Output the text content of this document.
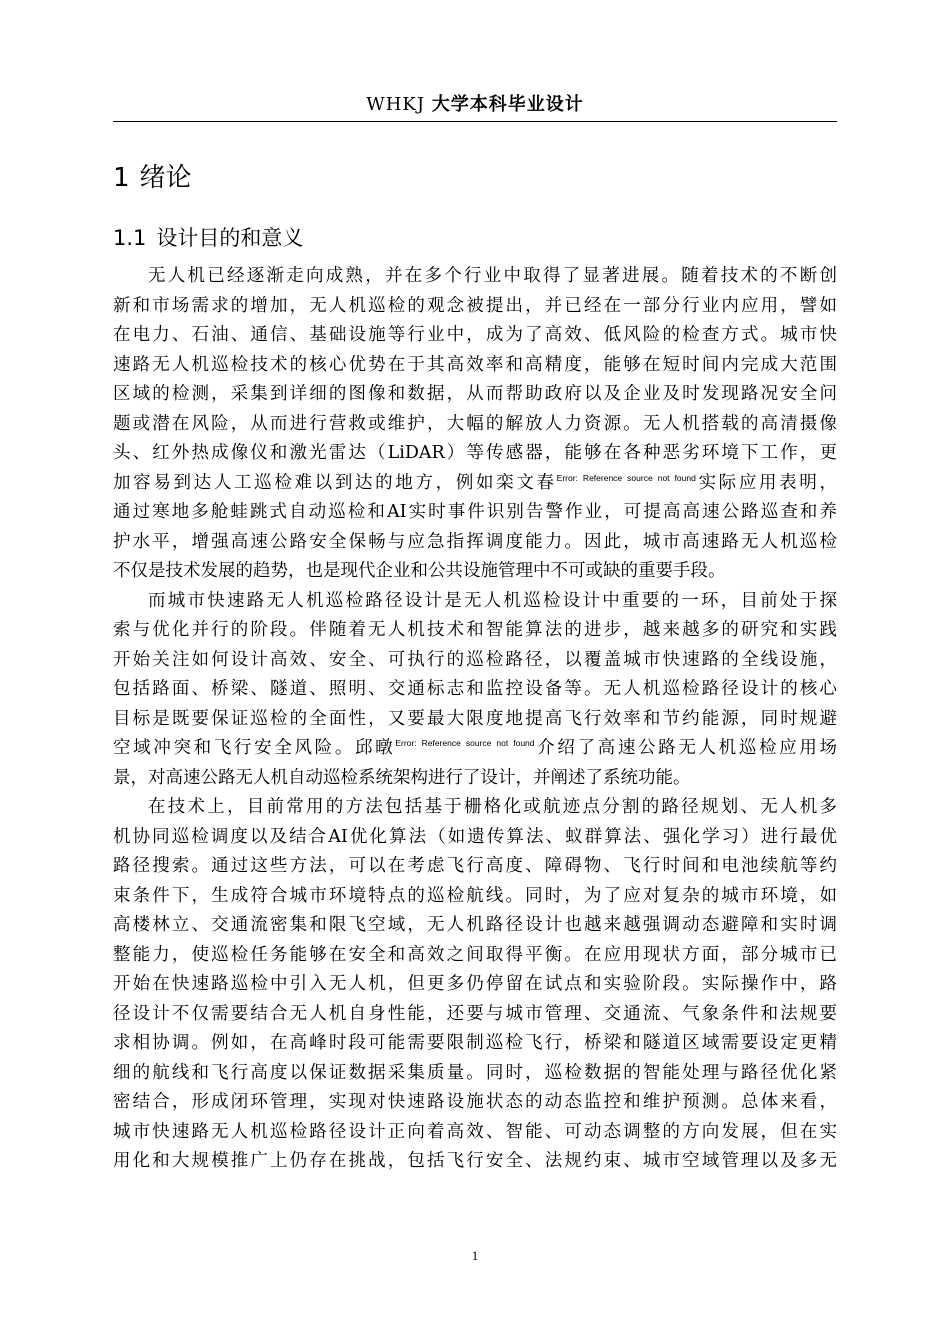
WHKJ 大学本科毕业设计
1 绪论
1.1 设计目的和意义
无人机已经逐渐走向成熟，并在多个行业中取得了显著进展。随着技术的不断创
新和市场需求的增加，无人机巡检的观念被提出，并已经在一部分行业内应用，譬如
在电力、石油、通信、基础设施等行业中，成为了高效、低风险的检查方式。城市快
速路无人机巡检技术的核心优势在于其高效率和高精度，能够在短时间内完成大范围
区域的检测，采集到详细的图像和数据，从而帮助政府以及企业及时发现路况安全问
题或潜在风险，从而进行营救或维护，大幅的解放人力资源。无人机搭载的高清摄像
头、红外热成像仪和激光雷达（LiDAR）等传感器，能够在各种恶劣环境下工作，更
加容易到达人工巡检难以到达的地方，例如栾文春$^{Error: Reference source not found}$实际应用表明，
通过寒地多舱蛙跳式自动巡检和AI实时事件识别告警作业，可提高高速公路巡查和养
护水平，增强高速公路安全保畅与应急指挥调度能力。因此，城市高速路无人机巡检
不仅是技术发展的趋势，也是现代企业和公共设施管理中不可或缺的重要手段。
而城市快速路无人机巡检路径设计是无人机巡检设计中重要的一环，目前处于探
索与优化并行的阶段。伴随着无人机技术和智能算法的进步，越来越多的研究和实践
开始关注如何设计高效、安全、可执行的巡检路径，以覆盖城市快速路的全线设施，
包括路面、桥梁、隧道、照明、交通标志和监控设备等。无人机巡检路径设计的核心
目标是既要保证巡检的全面性，又要最大限度地提高飞行效率和节约能源，同时规避
空域冲突和飞行安全风险。邱暾$^{Error: Reference source not found}$介绍了高速公路无人机巡检应用场
景，对高速公路无人机自动巡检系统架构进行了设计，并阐述了系统功能。
在技术上，目前常用的方法包括基于栅格化或航迹点分割的路径规划、无人机多
机协同巡检调度以及结合AI优化算法（如遗传算法、蚁群算法、强化学习）进行最优
路径搜索。通过这些方法，可以在考虑飞行高度、障碍物、飞行时间和电池续航等约
束条件下，生成符合城市环境特点的巡检航线。同时，为了应对复杂的城市环境，如
高楼林立、交通流密集和限飞空域，无人机路径设计也越来越强调动态避障和实时调
整能力，使巡检任务能够在安全和高效之间取得平衡。在应用现状方面，部分城市已
开始在快速路巡检中引入无人机，但更多仍停留在试点和实验阶段。实际操作中，路
径设计不仅需要结合无人机自身性能，还要与城市管理、交通流、气象条件和法规要
求相协调。例如，在高峰时段可能需要限制巡检飞行，桥梁和隧道区域需要设定更精
细的航线和飞行高度以保证数据采集质量。同时，巡检数据的智能处理与路径优化紧
密结合，形成闭环管理，实现对快速路设施状态的动态监控和维护预测。总体来看，
城市快速路无人机巡检路径设计正向着高效、智能、可动态调整的方向发展，但在实
用化和大规模推广上仍存在挑战，包括飞行安全、法规约束、城市空域管理以及多无
1
